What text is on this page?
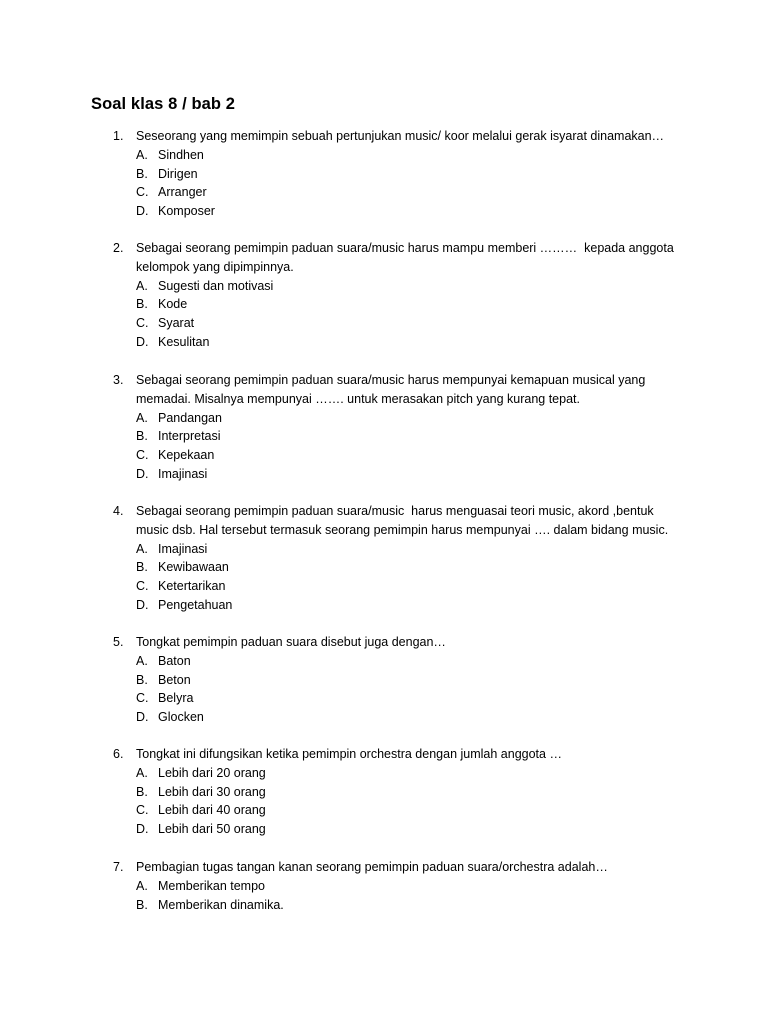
Soal klas 8 / bab 2
1.	Seseorang yang memimpin sebuah pertunjukan music/ koor melalui gerak isyarat dinamakan…
A. Sindhen
B. Dirigen
C. Arranger
D. Komposer
2.	Sebagai seorang pemimpin paduan suara/music harus mampu memberi ………  kepada anggota
kelompok yang dipimpinnya.
A. Sugesti dan motivasi
B. Kode
C. Syarat
D. Kesulitan
3.	Sebagai seorang pemimpin paduan suara/music harus mempunyai kemapuan musical yang
memadai. Misalnya mempunyai ……. untuk merasakan pitch yang kurang tepat.
A. Pandangan
B. Interpretasi
C. Kepekaan
D. Imajinasi
4.	Sebagai seorang pemimpin paduan suara/music  harus menguasai teori music, akord ,bentuk
music dsb. Hal tersebut termasuk seorang pemimpin harus mempunyai …. dalam bidang music.
A. Imajinasi
B. Kewibawaan
C. Ketertarikan
D. Pengetahuan
5.	Tongkat pemimpin paduan suara disebut juga dengan…
A. Baton
B. Beton
C. Belyra
D. Glocken
6.	Tongkat ini difungsikan ketika pemimpin orchestra dengan jumlah anggota …
A. Lebih dari 20 orang
B. Lebih dari 30 orang
C. Lebih dari 40 orang
D. Lebih dari 50 orang
7.	Pembagian tugas tangan kanan seorang pemimpin paduan suara/orchestra adalah…
A. Memberikan tempo
B. Memberikan dinamika.
